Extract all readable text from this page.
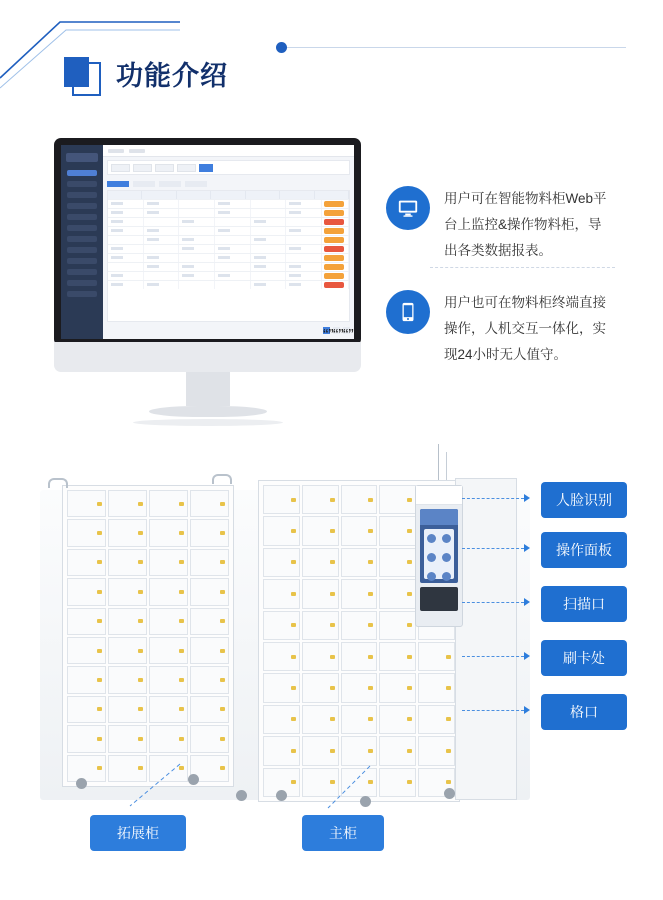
功能介绍
用户可在智能物料柜Web平台上监控&操作物料柜，导出各类数据报表。
用户也可在物料柜终端直接操作，人机交互一体化，实现24小时无人值守。
人脸识别
操作面板
扫描口
刷卡处
格口
拓展柜	主柜
